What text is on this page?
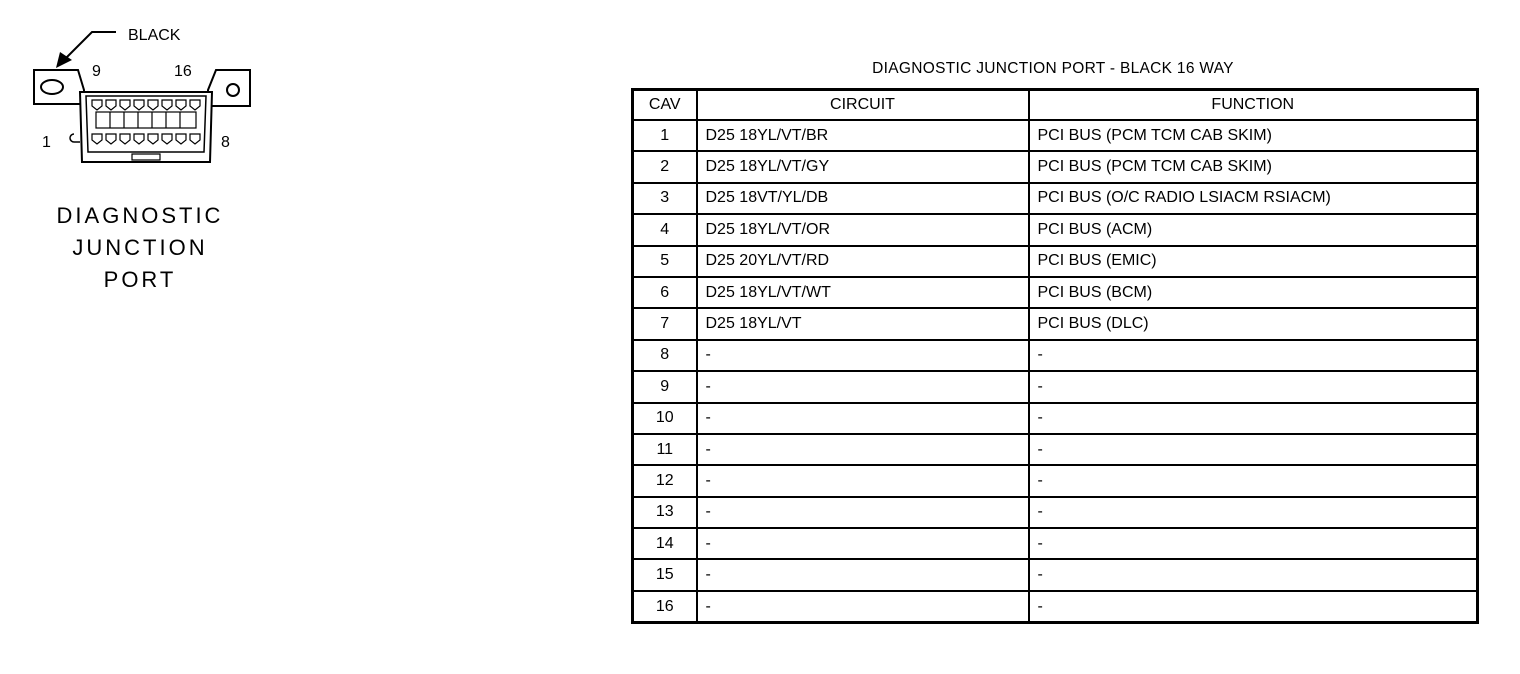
BLACK
9	16
1	8
DIAGNOSTIC
JUNCTION
PORT
DIAGNOSTIC JUNCTION PORT - BLACK 16 WAY
CAV	CIRCUIT	FUNCTION
1	D25 18YL/VT/BR	PCI BUS (PCM TCM CAB SKIM)
2	D25 18YL/VT/GY	PCI BUS (PCM TCM CAB SKIM)
3	D25 18VT/YL/DB	PCI BUS (O/C RADIO LSIACM RSIACM)
4	D25 18YL/VT/OR	PCI BUS (ACM)
5	D25 20YL/VT/RD	PCI BUS (EMIC)
6	D25 18YL/VT/WT	PCI BUS (BCM)
7	D25 18YL/VT	PCI BUS (DLC)
8	-	-
9	-	-
10	-	-
11	-	-
12	-	-
13	-	-
14	-	-
15	-	-
16	-	-
